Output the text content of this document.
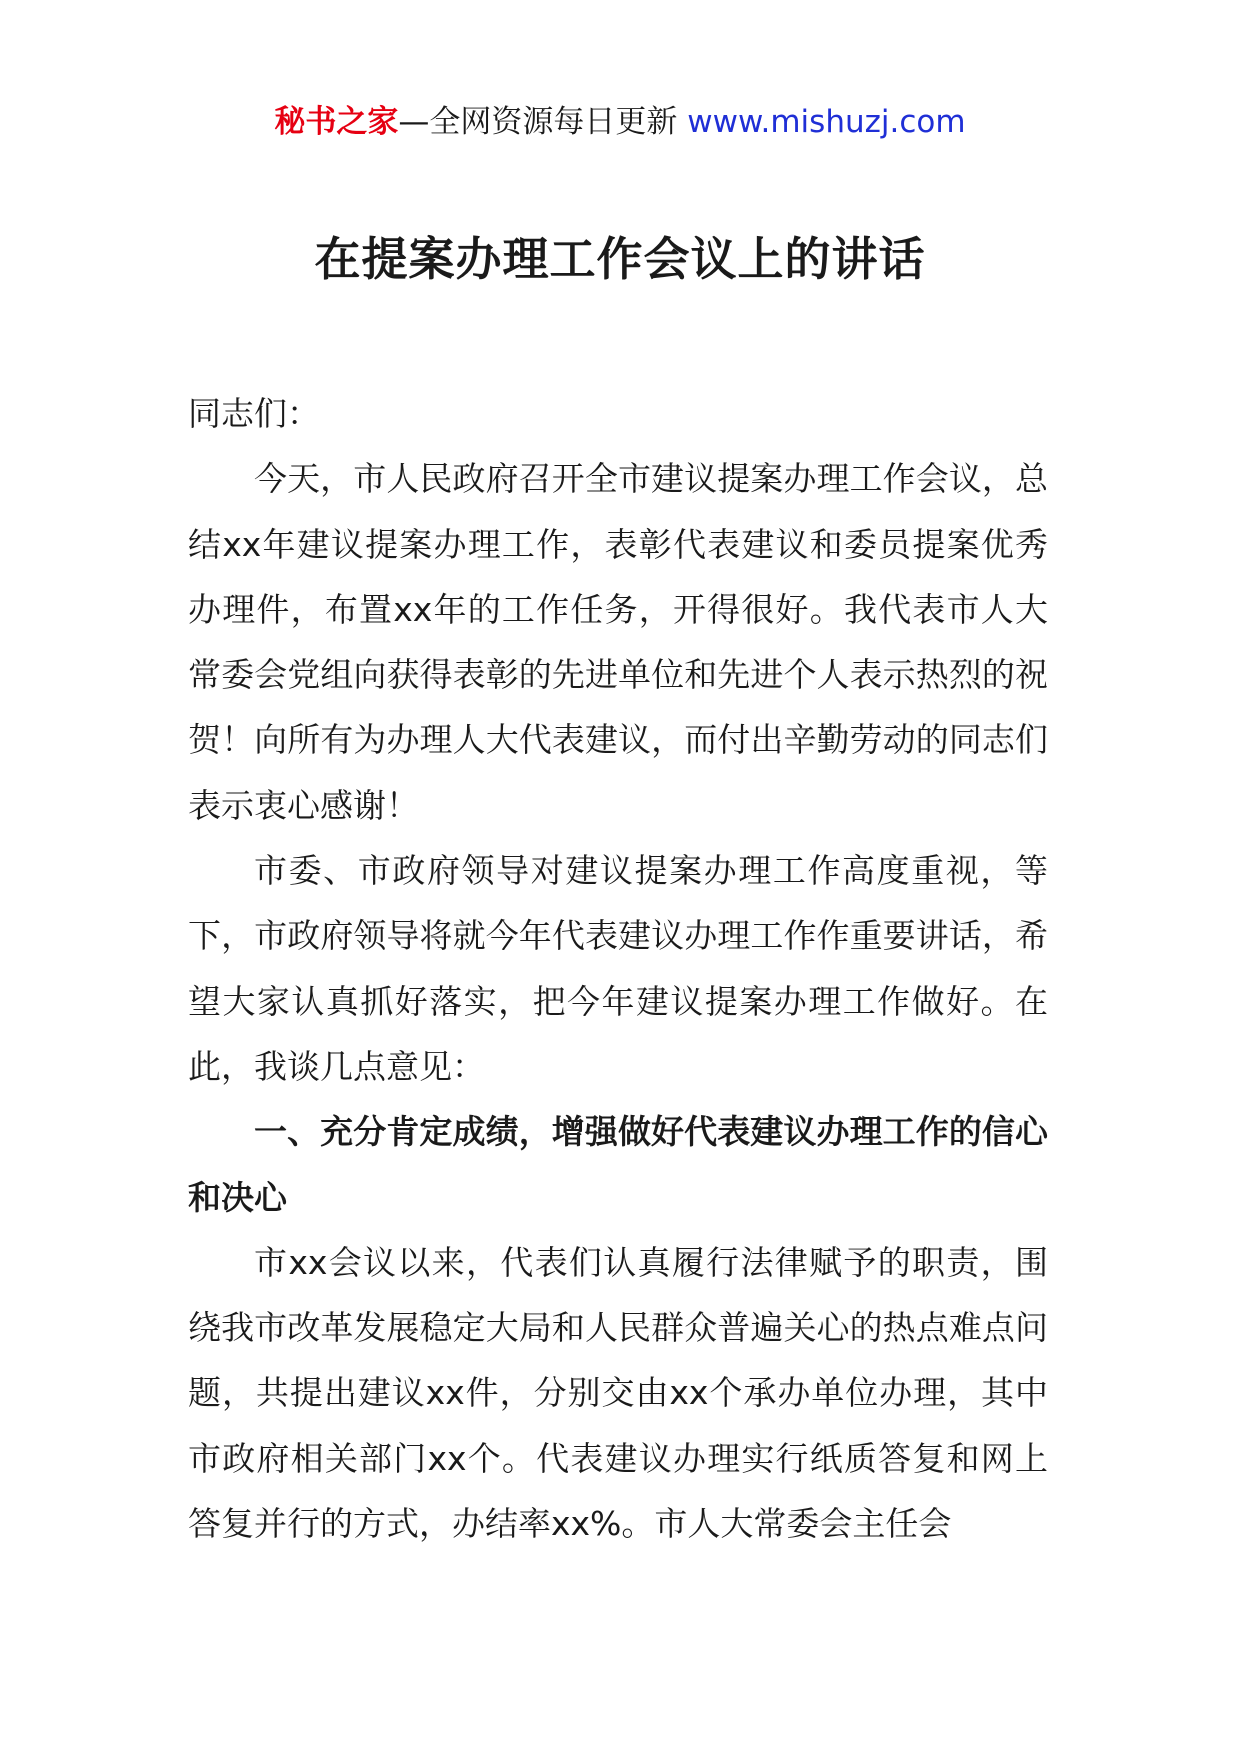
秘书之家—全网资源每日更新 www.mishuzj.com
在提案办理工作会议上的讲话

同志们：

今天，市人民政府召开全市建议提案办理工作会议，总结xx年建议提案办理工作，表彰代表建议和委员提案优秀办理件，布置xx年的工作任务，开得很好。我代表市人大常委会党组向获得表彰的先进单位和先进个人表示热烈的祝贺！向所有为办理人大代表建议，而付出辛勤劳动的同志们表示衷心感谢！

市委、市政府领导对建议提案办理工作高度重视，等下，市政府领导将就今年代表建议办理工作作重要讲话，希望大家认真抓好落实，把今年建议提案办理工作做好。在此，我谈几点意见：

一、充分肯定成绩，增强做好代表建议办理工作的信心和决心

市xx会议以来，代表们认真履行法律赋予的职责，围绕我市改革发展稳定大局和人民群众普遍关心的热点难点问题，共提出建议xx件，分别交由xx个承办单位办理，其中市政府相关部门xx个。代表建议办理实行纸质答复和网上答复并行的方式，办结率xx%。市人大常委会主任会
